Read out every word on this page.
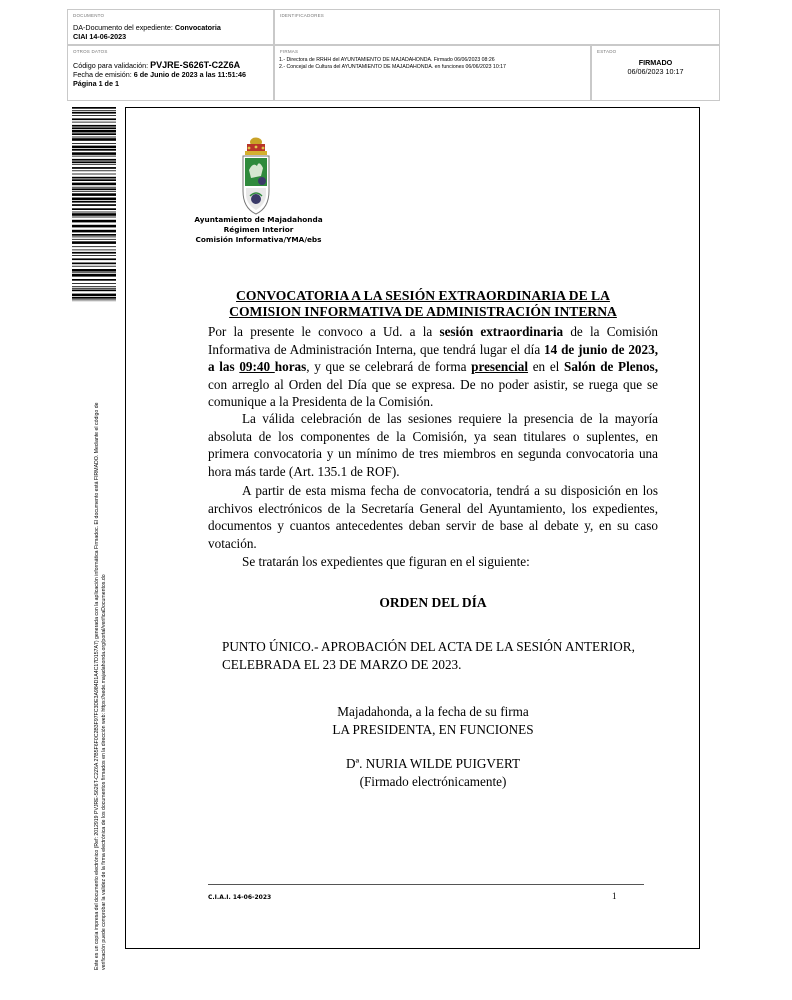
DOCUMENTO
DA-Documento del expediente: Convocatoria
CIAI 14-06-2023
IDENTIFICADORES
OTROS DATOS
Código para validación: PVJRE-S626T-C2Z6A
Fecha de emisión: 6 de Junio de 2023 a las 11:51:46
Página 1 de 1
FIRMAS
1.- Directora de RRHH del AYUNTAMIENTO DE MAJADAHONDA. Firmado 06/06/2023 08:26
2.- Concejal de Cultura del AYUNTAMIENTO DE MAJADAHONDA. en funciones 06/06/2023 10:17
ESTADO
FIRMADO
06/06/2023 10:17
Este es un copia impresa del documento electrónico (Ref: 2012919 PVJRE-S626T-C2Z6A 27B5F6F0C2B3F97FC3DE3A984D1A4C17D157A7) generada con la aplicación informática Firmadoc. El documento está FIRMADO. Mediante el código de verificación puede comprobar la validez de la firma electrónica de los documentos firmados en la dirección web: https://sede.majadahonda.org/portal/verificaDocumentos.do
Ayuntamiento de Majadahonda
Régimen Interior
Comisión Informativa/YMA/ebs
CONVOCATORIA A LA SESIÓN EXTRAORDINARIA DE LA
COMISION INFORMATIVA DE ADMINISTRACIÓN INTERNA
Por la presente le convoco a Ud. a la sesión extraordinaria de la Comisión Informativa de Administración Interna, que tendrá lugar el día 14 de junio de 2023, a las 09:40 horas, y que se celebrará de forma presencial en el Salón de Plenos, con arreglo al Orden del Día que se expresa. De no poder asistir, se ruega que se comunique a la Presidenta de la Comisión.
La válida celebración de las sesiones requiere la presencia de la mayoría absoluta de los componentes de la Comisión, ya sean titulares o suplentes, en primera convocatoria y un mínimo de tres miembros en segunda convocatoria una hora más tarde (Art. 135.1 de ROF).
A partir de esta misma fecha de convocatoria, tendrá a su disposición en los archivos electrónicos de la Secretaría General del Ayuntamiento, los expedientes, documentos y cuantos antecedentes deban servir de base al debate y, en su caso votación.
Se tratarán los expedientes que figuran en el siguiente:
ORDEN DEL DÍA
PUNTO ÚNICO.- APROBACIÓN DEL ACTA DE LA SESIÓN ANTERIOR, CELEBRADA EL 23 DE MARZO DE 2023.
Majadahonda, a la fecha de su firma
LA PRESIDENTA, EN FUNCIONES
Dª. NURIA WILDE PUIGVERT
(Firmado electrónicamente)
C.I.A.I. 14-06-2023	1
